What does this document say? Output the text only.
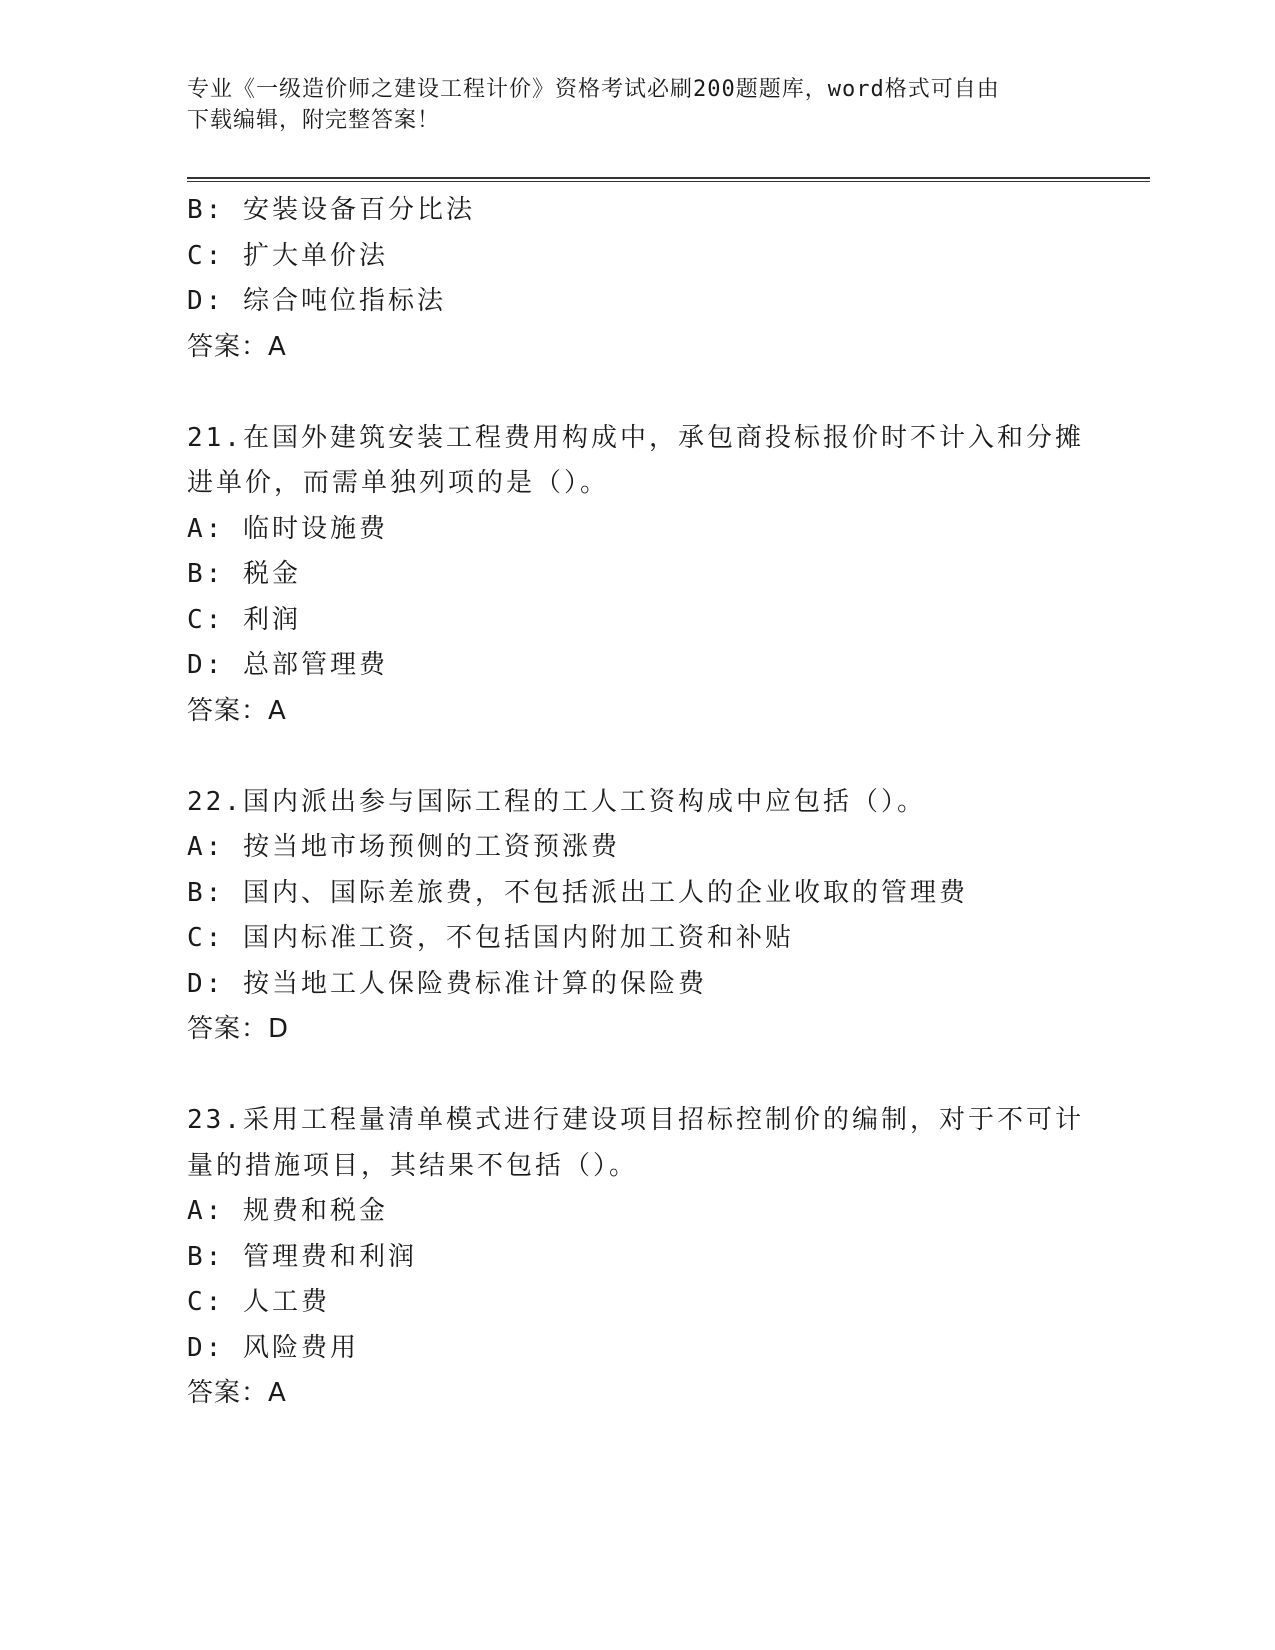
专业《一级造价师之建设工程计价》资格考试必刷200题题库，word格式可自由
下载编辑，附完整答案！
B: 安装设备百分比法
C: 扩大单价法
D: 综合吨位指标法
答案：A
21.在国外建筑安装工程费用构成中，承包商投标报价时不计入和分摊
进单价，而需单独列项的是（）。
A: 临时设施费
B: 税金
C: 利润
D: 总部管理费
答案：A
22.国内派出参与国际工程的工人工资构成中应包括（）。
A: 按当地市场预侧的工资预涨费
B: 国内、国际差旅费，不包括派出工人的企业收取的管理费
C: 国内标准工资，不包括国内附加工资和补贴
D: 按当地工人保险费标准计算的保险费
答案：D
23.采用工程量清单模式进行建设项目招标控制价的编制，对于不可计
量的措施项目，其结果不包括（）。
A: 规费和税金
B: 管理费和利润
C: 人工费
D: 风险费用
答案：A
